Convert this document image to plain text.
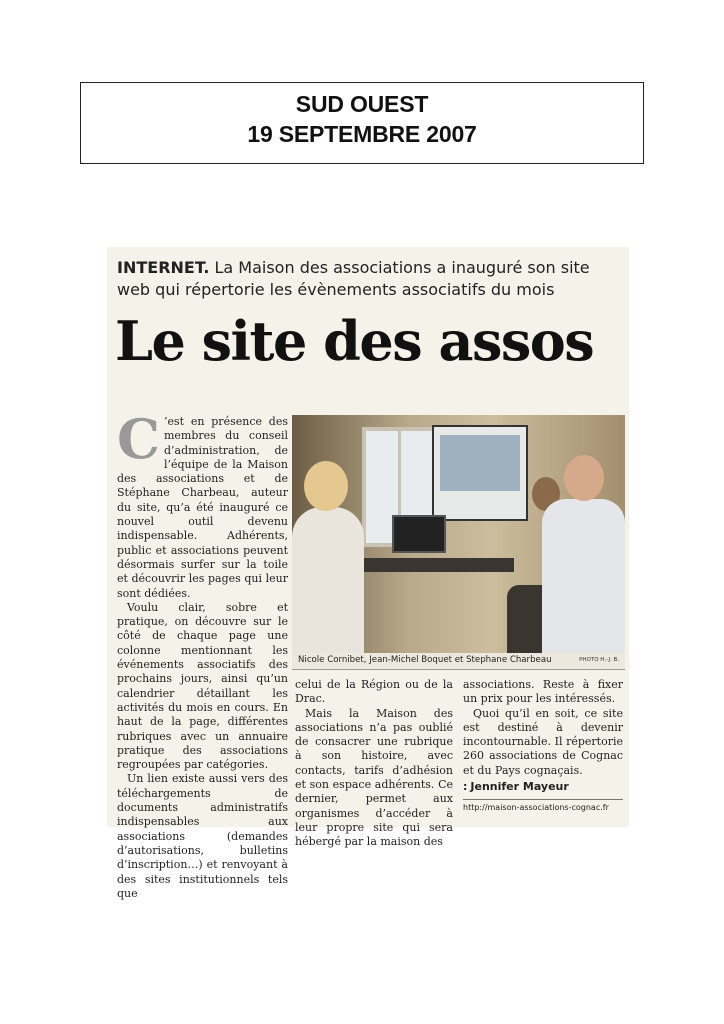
SUD OUEST
19 SEPTEMBRE 2007
INTERNET. La Maison des associations a inauguré son site web qui répertorie les évènements associatifs du mois
Le site des assos

C ’est en présence des membres du conseil d’administration, de l’équipe de la Maison des associations et de Stéphane Charbeau, auteur du site, qu’a été inauguré ce nouvel outil devenu indispensable. Adhérents, public et associations peuvent désormais surfer sur la toile et découvrir les pages qui leur sont dédiées.

Voulu clair, sobre et pratique, on découvre sur le côté de chaque page une colonne mentionnant les événements associatifs des prochains jours, ainsi qu’un calendrier détaillant les activités du mois en cours. En haut de la page, différentes rubriques avec un annuaire pratique des associations regroupées par catégories.

Un lien existe aussi vers des téléchargements de documents administratifs indispensables aux associations (demandes d’autorisations, bulletins d’inscription…) et renvoyant à des sites institutionnels tels que

Nicole Cornibet, Jean-Michel Boquet et Stephane Charbeau	PHOTO H.-J. B.

celui de la Région ou de la Drac.

Mais la Maison des associations n’a pas oublié de consacrer une rubrique à son histoire, avec contacts, tarifs d’adhésion et son espace adhérents. Ce dernier, permet aux organismes d’accéder à leur propre site qui sera hébergé par la maison des

associations. Reste à fixer un prix pour les intéressés.

Quoi qu’il en soit, ce site est destiné à devenir incontournable. Il répertorie 260 associations de Cognac et du Pays cognaçais.

: Jennifer Mayeur
http://maison-associations-cognac.fr
